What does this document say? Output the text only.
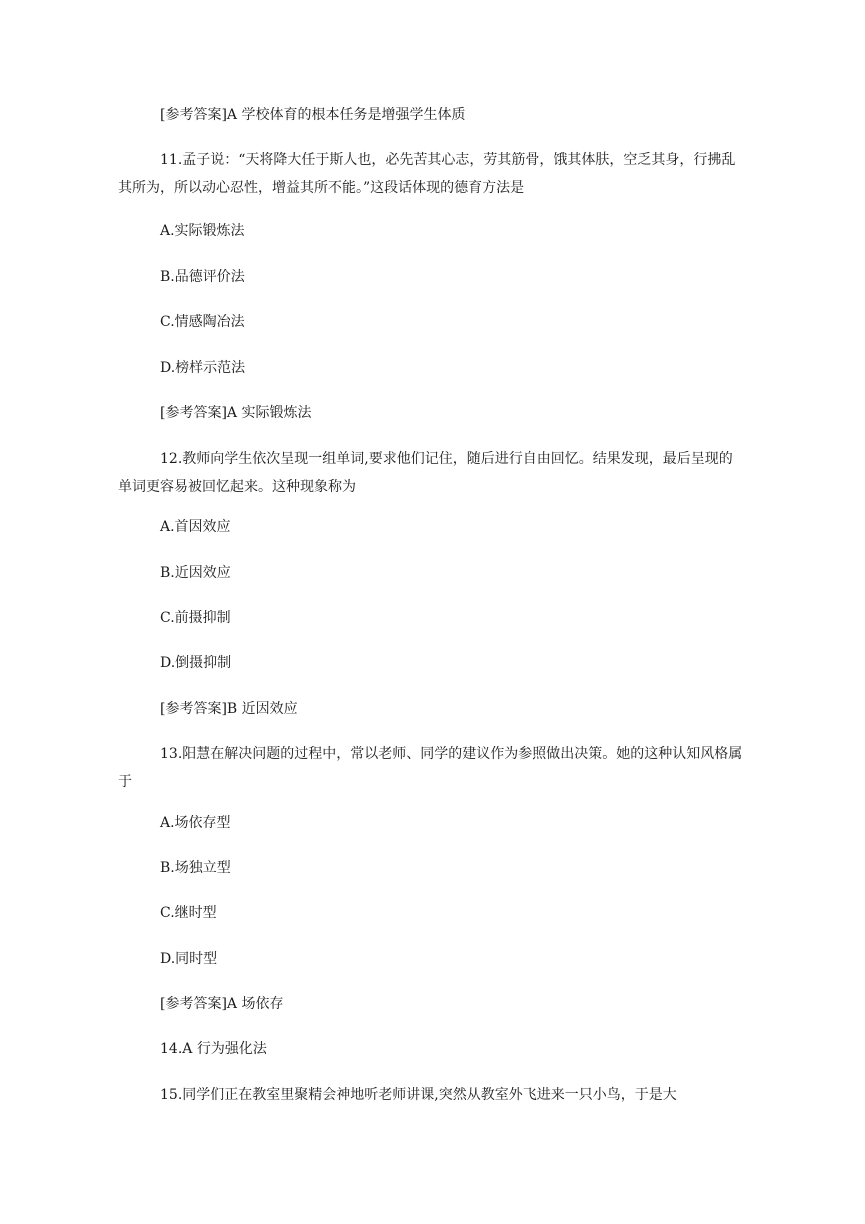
[参考答案]A 学校体育的根本任务是增强学生体质
11.孟子说：“天将降大任于斯人也，必先苦其心志，劳其筋骨，饿其体肤，空乏其身，行拂乱其所为，所以动心忍性，增益其所不能。”这段话体现的德育方法是
A.实际锻炼法
B.品德评价法
C.情感陶冶法
D.榜样示范法
[参考答案]A 实际锻炼法
12.教师向学生依次呈现一组单词,要求他们记住，随后进行自由回忆。结果发现，最后呈现的单词更容易被回忆起来。这种现象称为
A.首因效应
B.近因效应
C.前摄抑制
D.倒摄抑制
[参考答案]B 近因效应
13.阳慧在解决问题的过程中，常以老师、同学的建议作为参照做出决策。她的这种认知风格属于
A.场依存型
B.场独立型
C.继时型
D.同时型
[参考答案]A 场依存
14.A 行为强化法
15.同学们正在教室里聚精会神地听老师讲课,突然从教室外飞进来一只小鸟，于是大
